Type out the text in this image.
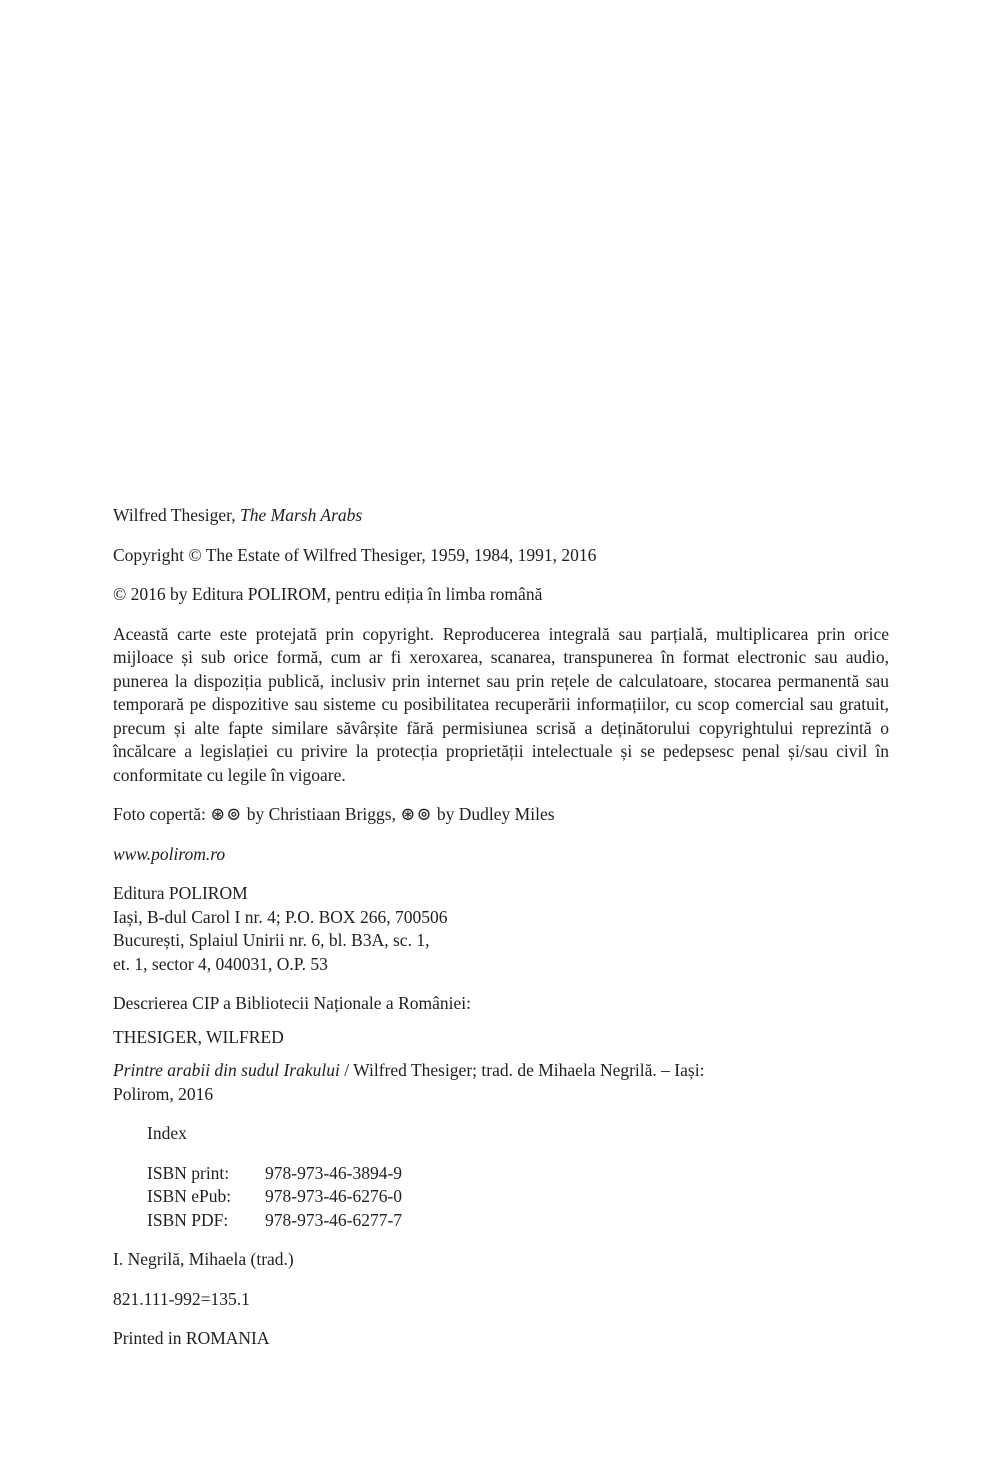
Wilfred Thesiger, The Marsh Arabs

Copyright © The Estate of Wilfred Thesiger, 1959, 1984, 1991, 2016

© 2016 by Editura POLIROM, pentru ediția în limba română

Această carte este protejată prin copyright. Reproducerea integrală sau parțială, multiplicarea prin orice mijloace și sub orice formă, cum ar fi xeroxarea, scanarea, transpunerea în format electronic sau audio, punerea la dispoziția publică, inclusiv prin internet sau prin rețele de calculatoare, stocarea permanentă sau temporară pe dispozitive sau sisteme cu posibilitatea recuperării informațiilor, cu scop comercial sau gratuit, precum și alte fapte similare săvârșite fără permisiunea scrisă a deținătorului copyrightului reprezintă o încălcare a legislației cu privire la protecția proprietății intelectuale și se pedepsesc penal și/sau civil în conformitate cu legile în vigoare.

Foto copertă: ⊛⊚ by Christiaan Briggs, ⊛⊚ by Dudley Miles

www.polirom.ro

Editura POLIROM
Iași, B-dul Carol I nr. 4; P.O. BOX 266, 700506
București, Splaiul Unirii nr. 6, bl. B3A, sc. 1,
et. 1, sector 4, 040031, O.P. 53

Descrierea CIP a Bibliotecii Naționale a României:

THESIGER, WILFRED

Printre arabii din sudul Irakului / Wilfred Thesiger; trad. de Mihaela Negrilă. – Iași:
Polirom, 2016

Index

ISBN print: 978-973-46-3894-9
ISBN ePub: 978-973-46-6276-0
ISBN PDF: 978-973-46-6277-7

I. Negrilă, Mihaela (trad.)

821.111-992=135.1

Printed in ROMANIA
